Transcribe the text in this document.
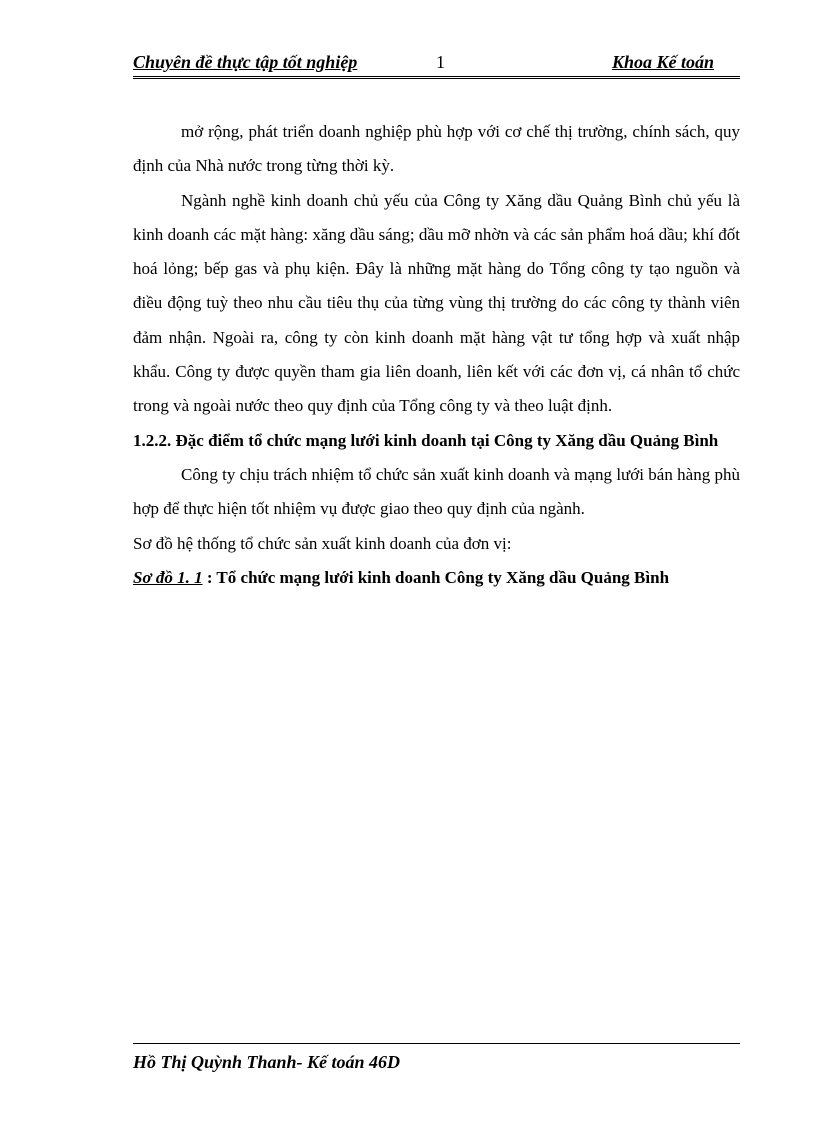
Chuyên đề thực tập tốt nghiệp	1	Khoa Kế toán

mở rộng, phát triển doanh nghiệp phù hợp với cơ chế thị trường, chính sách, quy định của Nhà nước trong từng thời kỳ.

Ngành nghề kinh doanh chủ yếu của Công ty Xăng dầu Quảng Bình chủ yếu là kinh doanh các mặt hàng: xăng dầu sáng; dầu mỡ nhờn và các sản phẩm hoá dầu; khí đốt hoá lỏng; bếp gas và phụ kiện. Đây là những mặt hàng do Tổng công ty tạo nguồn và điều động tuỳ theo nhu cầu tiêu thụ của từng vùng thị trường do các công ty thành viên đảm nhận. Ngoài ra, công ty còn kinh doanh mặt hàng vật tư tổng hợp và xuất nhập khẩu. Công ty được quyền tham gia liên doanh, liên kết với các đơn vị, cá nhân tổ chức trong và ngoài nước theo quy định của Tổng công ty và theo luật định.

1.2.2. Đặc điểm tổ chức mạng lưới kinh doanh tại Công ty Xăng dầu Quảng Bình

Công ty chịu trách nhiệm tổ chức sản xuất kinh doanh và mạng lưới bán hàng phù hợp để thực hiện tốt nhiệm vụ được giao theo quy định của ngành.

Sơ đồ hệ thống tổ chức sản xuất kinh doanh của đơn vị:

Sơ đồ 1. 1 : Tổ chức mạng lưới kinh doanh Công ty Xăng dầu Quảng Bình

Hồ Thị Quỳnh Thanh- Kế toán 46D
